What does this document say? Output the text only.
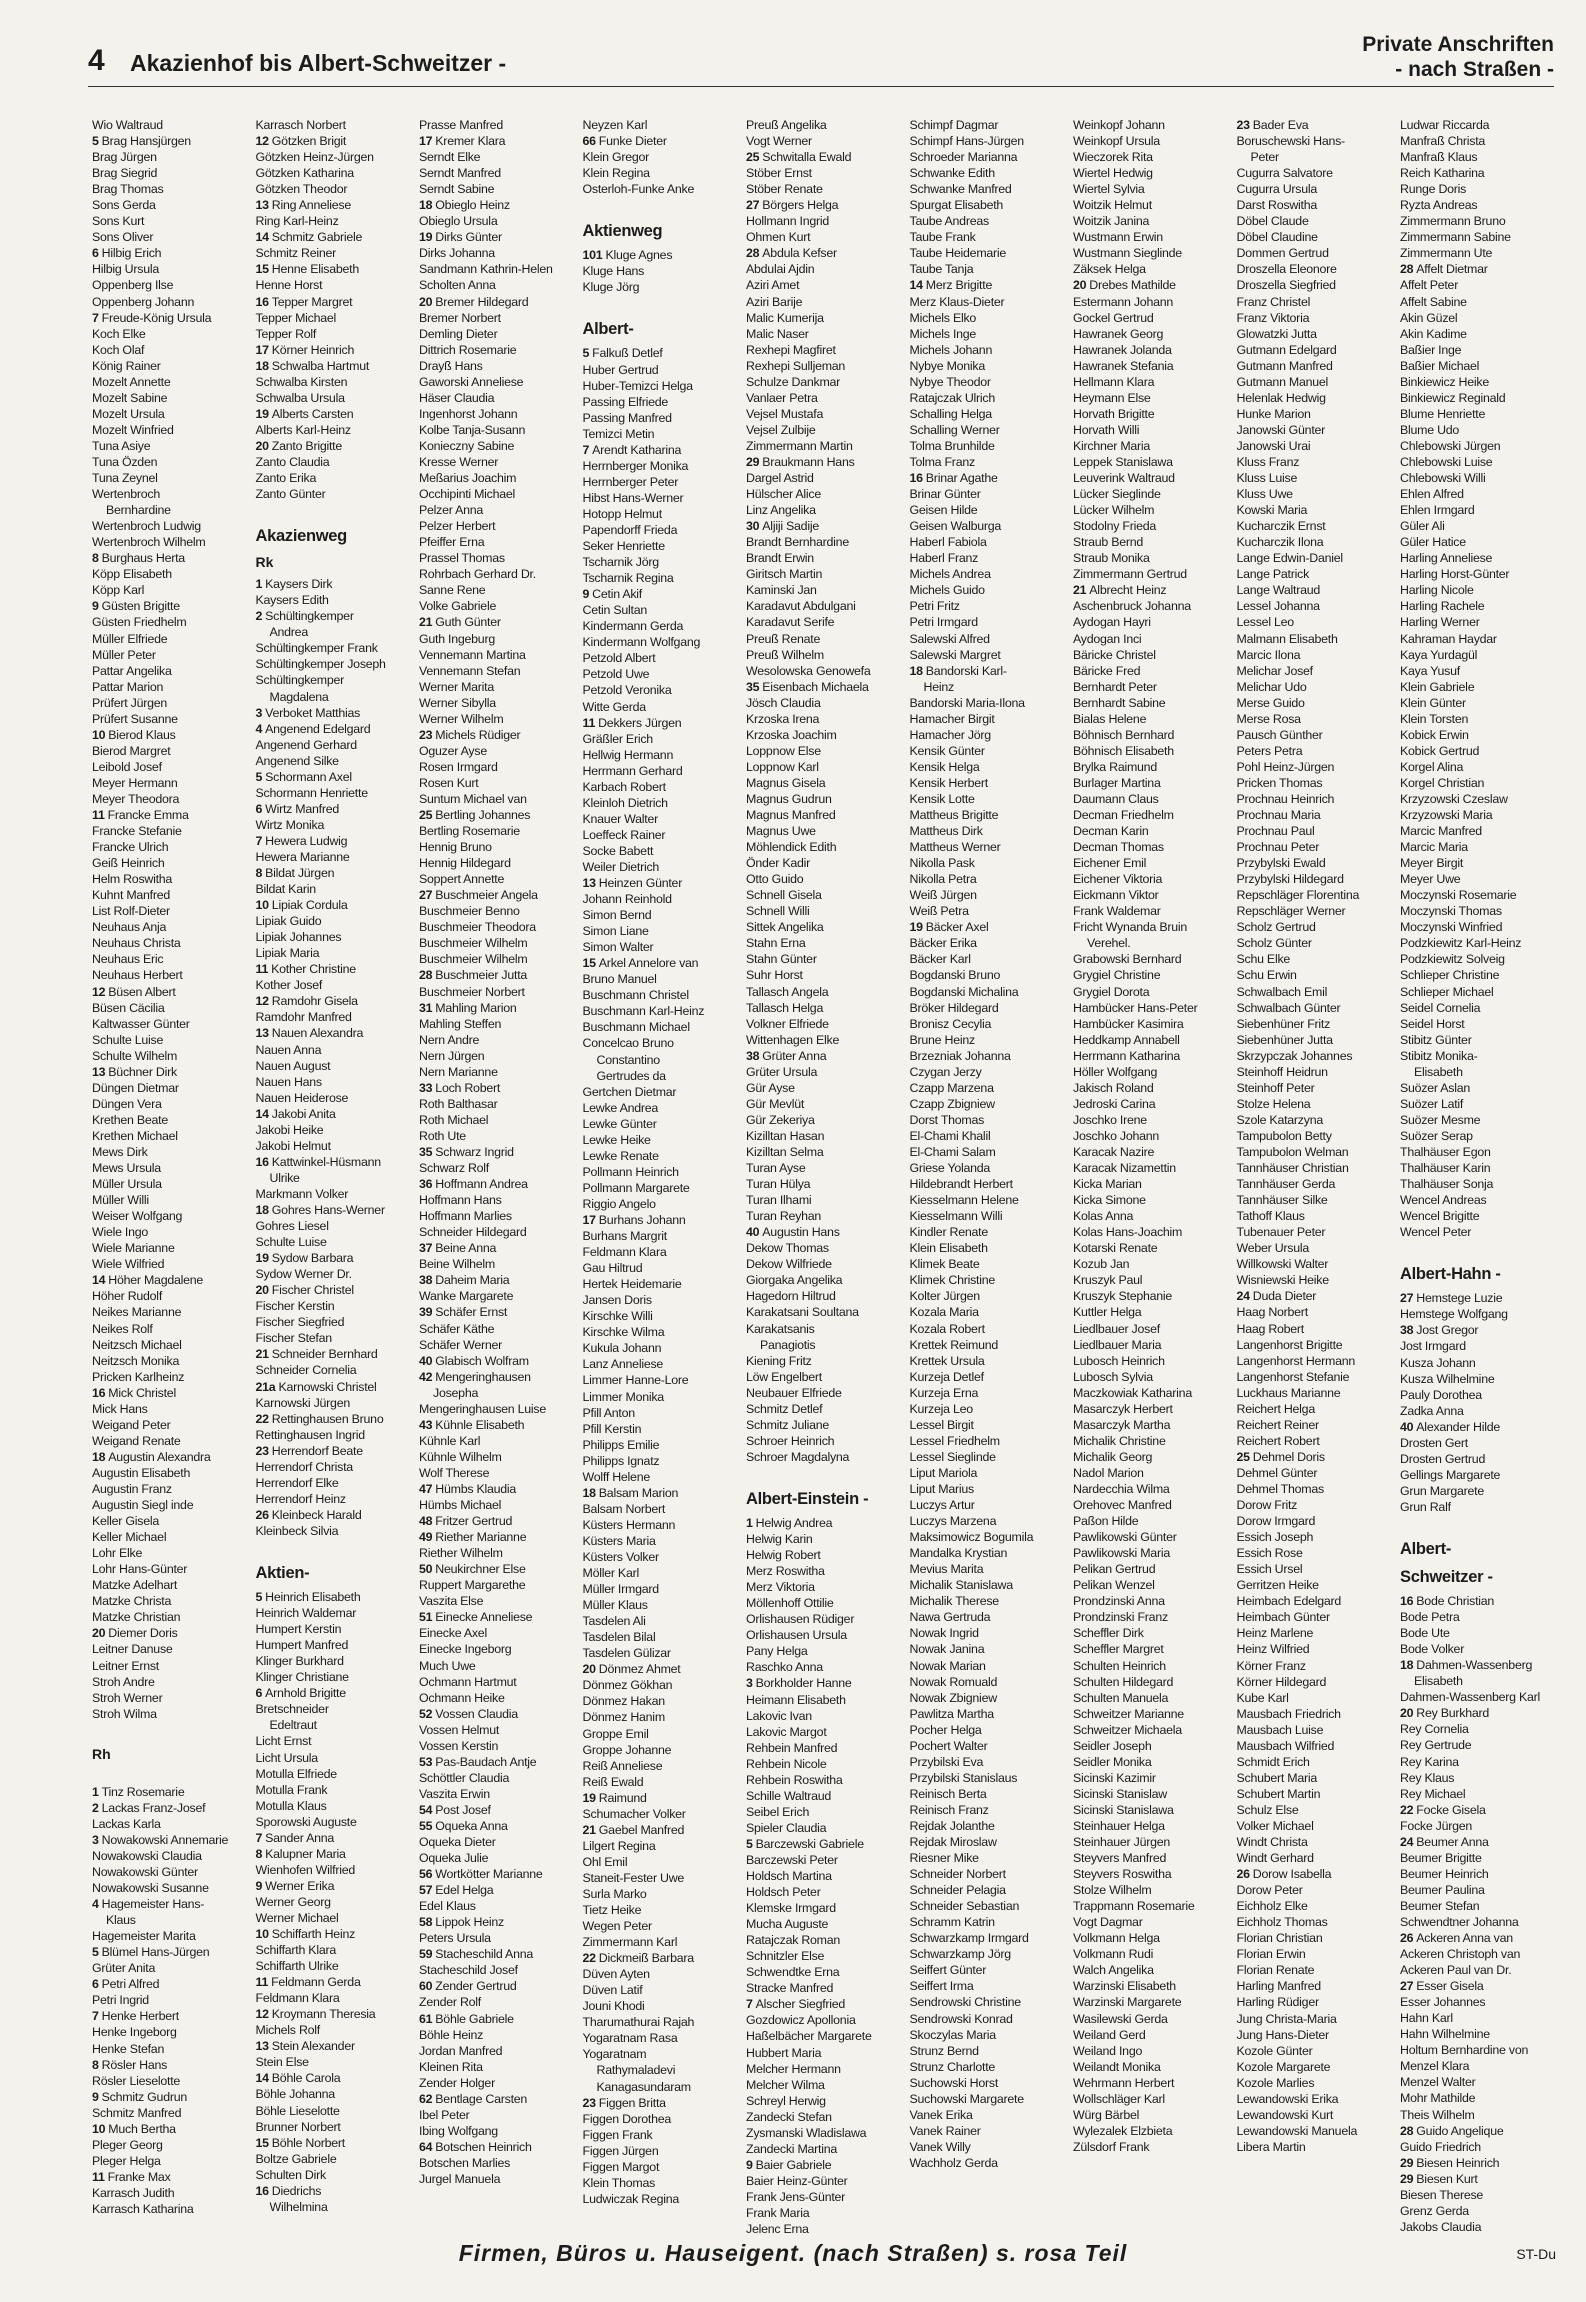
4 Akazienhof bis Albert-Schweitzer -
Private Anschriften
- nach Straßen -
Wio Waltraud
5 Brag Hansjürgen
Brag Jürgen
Brag Siegrid
Brag Thomas
Sons Gerda
Sons Kurt
Sons Oliver
6 Hilbig Erich
Hilbig Ursula
Oppenberg Ilse
Oppenberg Johann
7 Freude-König Ursula
Koch Elke
Koch Olaf
König Rainer
Mozelt Annette
Mozelt Sabine
Mozelt Ursula
Mozelt Winfried
Tuna Asiye
Tuna Özden
Tuna Zeynel
Wertenbroch
Bernhardine
Wertenbroch Ludwig
Wertenbroch Wilhelm
8 Burghaus Herta
Köpp Elisabeth
Köpp Karl
9 Güsten Brigitte
Güsten Friedhelm
Müller Elfriede
Müller Peter
Pattar Angelika
Pattar Marion
Prüfert Jürgen
Prüfert Susanne
10 Bierod Klaus
Bierod Margret
Leibold Josef
Meyer Hermann
Meyer Theodora
11 Francke Emma
Francke Stefanie
Francke Ulrich
Geiß Heinrich
Helm Roswitha
Kuhnt Manfred
List Rolf-Dieter
Neuhaus Anja
Neuhaus Christa
Neuhaus Eric
Neuhaus Herbert
12 Büsen Albert
Büsen Cäcilia
Kaltwasser Günter
Schulte Luise
Schulte Wilhelm
13 Büchner Dirk
Düngen Dietmar
Düngen Vera
Krethen Beate
Krethen Michael
Mews Dirk
Mews Ursula
Müller Ursula
Müller Willi
Weiser Wolfgang
Wiele Ingo
Wiele Marianne
Wiele Wilfried
14 Höher Magdalene
Höher Rudolf
Neikes Marianne
Neikes Rolf
Neitzsch Michael
Neitzsch Monika
Pricken Karlheinz
16 Mick Christel
Mick Hans
Weigand Peter
Weigand Renate
18 Augustin Alexandra
Augustin Elisabeth
Augustin Franz
Augustin Siegl inde
Keller Gisela
Keller Michael
Lohr Elke
Lohr Hans-Günter
Matzke Adelhart
Matzke Christa
Matzke Christian
20 Diemer Doris
Leitner Danuse
Leitner Ernst
Stroh Andre
Stroh Werner
Stroh Wilma

Rh

1 Tinz Rosemarie
2 Lackas Franz-Josef
Lackas Karla
3 Nowakowski Annemarie
Nowakowski Claudia
Nowakowski Günter
Nowakowski Susanne
4 Hagemeister Hans-
Klaus
Hagemeister Marita
5 Blümel Hans-Jürgen
Grüter Anita
6 Petri Alfred
Petri Ingrid
7 Henke Herbert
Henke Ingeborg
Henke Stefan
8 Rösler Hans
Rösler Lieselotte
9 Schmitz Gudrun
Schmitz Manfred
10 Much Bertha
Pleger Georg
Pleger Helga
11 Franke Max
Karrasch Judith
Karrasch Katharina
Karrasch Norbert
12 Götzken Brigit
Götzken Heinz-Jürgen
Götzken Katharina
Götzken Theodor
13 Ring Anneliese
Ring Karl-Heinz
14 Schmitz Gabriele
Schmitz Reiner
15 Henne Elisabeth
Henne Horst
16 Tepper Margret
Tepper Michael
Tepper Rolf
17 Körner Heinrich
18 Schwalba Hartmut
Schwalba Kirsten
Schwalba Ursula
19 Alberts Carsten
Alberts Karl-Heinz
20 Zanto Brigitte
Zanto Claudia
Zanto Erika
Zanto Günter

Akazienweg
Rk
1 Kaysers Dirk
Kaysers Edith
2 Schültingkemper
Andrea
Schültingkemper Frank
Schültingkemper Joseph
Schültingkemper
Magdalena
3 Verboket Matthias
4 Angenend Edelgard
Angenend Gerhard
Angenend Silke
5 Schormann Axel
Schormann Henriette
6 Wirtz Manfred
Wirtz Monika
7 Hewera Ludwig
Hewera Marianne
8 Bildat Jürgen
Bildat Karin
10 Lipiak Cordula
Lipiak Guido
Lipiak Johannes
Lipiak Maria
11 Kother Christine
Kother Josef
12 Ramdohr Gisela
Ramdohr Manfred
13 Nauen Alexandra
Nauen Anna
Nauen August
Nauen Hans
Nauen Heiderose
14 Jakobi Anita
Jakobi Heike
Jakobi Helmut
16 Kattwinkel-Hüsmann
Ulrike
Markmann Volker
18 Gohres Hans-Werner
Gohres Liesel
Schulte Luise
19 Sydow Barbara
Sydow Werner Dr.
20 Fischer Christel
Fischer Kerstin
Fischer Siegfried
Fischer Stefan
21 Schneider Bernhard
Schneider Cornelia
21a Karnowski Christel
Karnowski Jürgen
22 Rettinghausen Bruno
Rettinghausen Ingrid
23 Herrendorf Beate
Herrendorf Christa
Herrendorf Elke
Herrendorf Heinz
26 Kleinbeck Harald
Kleinbeck Silvia

Aktien-
5 Heinrich Elisabeth
Heinrich Waldemar
Humpert Kerstin
Humpert Manfred
Klinger Burkhard
Klinger Christiane
6 Arnhold Brigitte
Bretschneider
Edeltraut
Licht Ernst
Licht Ursula
Motulla Elfriede
Motulla Frank
Motulla Klaus
Sporowski Auguste
7 Sander Anna
8 Kalupner Maria
Wienhofen Wilfried
9 Werner Erika
Werner Georg
Werner Michael
10 Schiffarth Heinz
Schiffarth Klara
Schiffarth Ulrike
11 Feldmann Gerda
Feldmann Klara
12 Kroymann Theresia
Michels Rolf
13 Stein Alexander
Stein Else
14 Böhle Carola
Böhle Johanna
Böhle Lieselotte
Brunner Norbert
15 Böhle Norbert
Boltze Gabriele
Schulten Dirk
16 Diedrichs
Wilhelmina
Prasse Manfred
17 Kremer Klara
Serndt Elke
Serndt Manfred
Serndt Sabine
18 Obieglo Heinz
Obieglo Ursula
19 Dirks Günter
Dirks Johanna
Sandmann Kathrin-Helen
Scholten Anna
20 Bremer Hildegard
Bremer Norbert
Demling Dieter
Dittrich Rosemarie
Drayß Hans
Gaworski Anneliese
Häser Claudia
Ingenhorst Johann
Kolbe Tanja-Susann
Konieczny Sabine
Kresse Werner
Meßarius Joachim
Occhipinti Michael
Pelzer Anna
Pelzer Herbert
Pfeiffer Erna
Prassel Thomas
Rohrbach Gerhard Dr.
Sanne Rene
Volke Gabriele
21 Guth Günter
Guth Ingeburg
Vennemann Martina
Vennemann Stefan
Werner Marita
Werner Sibylla
Werner Wilhelm
23 Michels Rüdiger
Oguzer Ayse
Rosen Irmgard
Rosen Kurt
Suntum Michael van
25 Bertling Johannes
Bertling Rosemarie
Hennig Bruno
Hennig Hildegard
Soppert Annette
27 Buschmeier Angela
Buschmeier Benno
Buschmeier Theodora
Buschmeier Wilhelm
Buschmeier Wilhelm
28 Buschmeier Jutta
Buschmeier Norbert
31 Mahling Marion
Mahling Steffen
Nern Andre
Nern Jürgen
Nern Marianne
33 Loch Robert
Roth Balthasar
Roth Michael
Roth Ute
35 Schwarz Ingrid
Schwarz Rolf
36 Hoffmann Andrea
Hoffmann Hans
Hoffmann Marlies
Schneider Hildegard
37 Beine Anna
Beine Wilhelm
38 Daheim Maria
Wanke Margarete
39 Schäfer Ernst
Schäfer Käthe
Schäfer Werner
40 Glabisch Wolfram
42 Mengeringhausen
Josepha
Mengeringhausen Luise
43 Kühnle Elisabeth
Kühnle Karl
Kühnle Wilhelm
Wolf Therese
47 Hümbs Klaudia
Hümbs Michael
48 Fritzer Gertrud
49 Riether Marianne
Riether Wilhelm
50 Neukirchner Else
Ruppert Margarethe
Vaszita Else
51 Einecke Anneliese
Einecke Axel
Einecke Ingeborg
Much Uwe
Ochmann Hartmut
Ochmann Heike
52 Vossen Claudia
Vossen Helmut
Vossen Kerstin
53 Pas-Baudach Antje
Schöttler Claudia
Vaszita Erwin
54 Post Josef
55 Oqueka Anna
Oqueka Dieter
Oqueka Julie
56 Wortkötter Marianne
57 Edel Helga
Edel Klaus
58 Lippok Heinz
Peters Ursula
59 Stacheschild Anna
Stacheschild Josef
60 Zender Gertrud
Zender Rolf
61 Böhle Gabriele
Böhle Heinz
Jordan Manfred
Kleinen Rita
Zender Holger
62 Bentlage Carsten
Ibel Peter
Ibing Wolfgang
64 Botschen Heinrich
Botschen Marlies
Jurgel Manuela
Neyzen Karl
66 Funke Dieter
Klein Gregor
Klein Regina
Osterloh-Funke Anke

Aktienweg
101 Kluge Agnes
Kluge Hans
Kluge Jörg

Albert-
5 Falkuß Detlef
Huber Gertrud
Huber-Temizci Helga
Passing Elfriede
Passing Manfred
Temizci Metin
7 Arendt Katharina
Herrnberger Monika
Herrnberger Peter
Hibst Hans-Werner
Hotopp Helmut
Papendorff Frieda
Seker Henriette
Tscharnik Jörg
Tscharnik Regina
9 Cetin Akif
Cetin Sultan
Kindermann Gerda
Kindermann Wolfgang
Petzold Albert
Petzold Uwe
Petzold Veronika
Witte Gerda
11 Dekkers Jürgen
Gräßler Erich
Hellwig Hermann
Herrmann Gerhard
Karbach Robert
Kleinloh Dietrich
Knauer Walter
Loeffeck Rainer
Socke Babett
Weiler Dietrich
13 Heinzen Günter
Johann Reinhold
Simon Bernd
Simon Liane
Simon Walter
15 Arkel Annelore van
Bruno Manuel
Buschmann Christel
Buschmann Karl-Heinz
Buschmann Michael
Concelcao Bruno
Constantino
Gertrudes da
Gertchen Dietmar
Lewke Andrea
Lewke Günter
Lewke Heike
Lewke Renate
Pollmann Heinrich
Pollmann Margarete
Riggio Angelo
17 Burhans Johann
Burhans Margrit
Feldmann Klara
Gau Hiltrud
Hertek Heidemarie
Jansen Doris
Kirschke Willi
Kirschke Wilma
Kukula Johann
Lanz Anneliese
Limmer Hanne-Lore
Limmer Monika
Pfill Anton
Pfill Kerstin
Philipps Emilie
Philipps Ignatz
Wolff Helene
18 Balsam Marion
Balsam Norbert
Küsters Hermann
Küsters Maria
Küsters Volker
Möller Karl
Müller Irmgard
Müller Klaus
Tasdelen Ali
Tasdelen Bilal
Tasdelen Gülizar
20 Dönmez Ahmet
Dönmez Gökhan
Dönmez Hakan
Dönmez Hanim
Groppe Emil
Groppe Johanne
Reiß Anneliese
Reiß Ewald
19 Raimund
Schumacher Volker
21 Gaebel Manfred
Lilgert Regina
Ohl Emil
Staneit-Fester Uwe
Surla Marko
Tietz Heike
Wegen Peter
Zimmermann Karl
22 Dickmeiß Barbara
Düven Ayten
Düven Latif
Jouni Khodi
Tharumathurai Rajah
Yogaratnam Rasa
Yogaratnam
Rathymaladevi
Kanagasundaram
23 Figgen Britta
Figgen Dorothea
Figgen Frank
Figgen Jürgen
Figgen Margot
Klein Thomas
Ludwiczak Regina
Preuß Angelika
Vogt Werner
25 Schwitalla Ewald
Stöber Ernst
Stöber Renate
27 Börgers Helga
Hollmann Ingrid
Ohmen Kurt
28 Abdula Kefser
Abdulai Ajdin
Aziri Amet
Aziri Barije
Malic Kumerija
Malic Naser
Rexhepi Magfiret
Rexhepi Sulljeman
Schulze Dankmar
Vanlaer Petra
Vejsel Mustafa
Vejsel Zulbije
Zimmermann Martin
29 Braukmann Hans
Dargel Astrid
Hülscher Alice
Linz Angelika
30 Aljiji Sadije
Brandt Bernhardine
Brandt Erwin
Giritsch Martin
Kaminski Jan
Karadavut Abdulgani
Karadavut Serife
Preuß Renate
Preuß Wilhelm
Wesolowska Genowefa
35 Eisenbach Michaela
Jösch Claudia
Krzoska Irena
Krzoska Joachim
Loppnow Else
Loppnow Karl
Magnus Gisela
Magnus Gudrun
Magnus Manfred
Magnus Uwe
Möhlendick Edith
Önder Kadir
Otto Guido
Schnell Gisela
Schnell Willi
Sittek Angelika
Stahn Erna
Stahn Günter
Suhr Horst
Tallasch Angela
Tallasch Helga
Volkner Elfriede
Wittenhagen Elke
38 Grüter Anna
Grüter Ursula
Gür Ayse
Gür Mevlüt
Gür Zekeriya
Kizilltan Hasan
Kizilltan Selma
Turan Ayse
Turan Hülya
Turan Ilhami
Turan Reyhan
40 Augustin Hans
Dekow Thomas
Dekow Wilfriede
Giorgaka Angelika
Hagedorn Hiltrud
Karakatsani Soultana
Karakatsanis
Panagiotis
Kiening Fritz
Löw Engelbert
Neubauer Elfriede
Schmitz Detlef
Schmitz Juliane
Schroer Heinrich
Schroer Magdalyna

Albert-Einstein -
1 Helwig Andrea
Helwig Karin
Helwig Robert
Merz Roswitha
Merz Viktoria
Möllenhoff Ottilie
Orlishausen Rüdiger
Orlishausen Ursula
Pany Helga
Raschko Anna
3 Borkholder Hanne
Heimann Elisabeth
Lakovic Ivan
Lakovic Margot
Rehbein Manfred
Rehbein Nicole
Rehbein Roswitha
Schille Waltraud
Seibel Erich
Spieler Claudia
5 Barczewski Gabriele
Barczewski Peter
Holdsch Martina
Holdsch Peter
Klemske Irmgard
Mucha Auguste
Ratajczak Roman
Schnitzler Else
Schwendtke Erna
Stracke Manfred
7 Alscher Siegfried
Gozdowicz Apollonia
Haßelbächer Margarete
Hubbert Maria
Melcher Hermann
Melcher Wilma
Schreyl Herwig
Zandecki Stefan
Zysmanski Wladislawa
Zandecki Martina
9 Baier Gabriele
Baier Heinz-Günter
Frank Jens-Günter
Frank Maria
Jelenc Erna
Schimpf Dagmar
Schimpf Hans-Jürgen
Schroeder Marianna
Schwanke Edith
Schwanke Manfred
Spurgat Elisabeth
Taube Andreas
Taube Frank
Taube Heidemarie
Taube Tanja
14 Merz Brigitte
Merz Klaus-Dieter
Michels Elko
Michels Inge
Michels Johann
Nybye Monika
Nybye Theodor
Ratajczak Ulrich
Schalling Helga
Schalling Werner
Tolma Brunhilde
Tolma Franz
16 Brinar Agathe
Brinar Günter
Geisen Hilde
Geisen Walburga
Haberl Fabiola
Haberl Franz
Michels Andrea
Michels Guido
Petri Fritz
Petri Irmgard
Salewski Alfred
Salewski Margret
18 Bandorski Karl-
Heinz
Bandorski Maria-Ilona
Hamacher Birgit
Hamacher Jörg
Kensik Günter
Kensik Helga
Kensik Herbert
Kensik Lotte
Mattheus Brigitte
Mattheus Dirk
Mattheus Werner
Nikolla Pask
Nikolla Petra
Weiß Jürgen
Weiß Petra
19 Bäcker Axel
Bäcker Erika
Bäcker Karl
Bogdanski Bruno
Bogdanski Michalina
Bröker Hildegard
Bronisz Cecylia
Brune Heinz
Brzezniak Johanna
Czygan Jerzy
Czapp Marzena
Czapp Zbigniew
Dorst Thomas
El-Chami Khalil
El-Chami Salam
Griese Yolanda
Hildebrandt Herbert
Kiesselmann Helene
Kiesselmann Willi
Kindler Renate
Klein Elisabeth
Klimek Beate
Klimek Christine
Kolter Jürgen
Kozala Maria
Kozala Robert
Krettek Reimund
Krettek Ursula
Kurzeja Detlef
Kurzeja Erna
Kurzeja Leo
Lessel Birgit
Lessel Friedhelm
Lessel Sieglinde
Liput Mariola
Liput Marius
Luczys Artur
Luczys Marzena
Maksimowicz Bogumila
Mandalka Krystian
Mevius Marita
Michalik Stanislawa
Michalik Therese
Nawa Gertruda
Nowak Ingrid
Nowak Janina
Nowak Marian
Nowak Romuald
Nowak Zbigniew
Pawlitza Martha
Pocher Helga
Pochert Walter
Przybilski Eva
Przybilski Stanislaus
Reinisch Berta
Reinisch Franz
Rejdak Jolanthe
Rejdak Miroslaw
Riesner Mike
Schneider Norbert
Schneider Pelagia
Schneider Sebastian
Schramm Katrin
Schwarzkamp Irmgard
Schwarzkamp Jörg
Seiffert Günter
Seiffert Irma
Sendrowski Christine
Sendrowski Konrad
Skoczylas Maria
Strunz Bernd
Strunz Charlotte
Suchowski Horst
Suchowski Margarete
Vanek Erika
Vanek Rainer
Vanek Willy
Wachholz Gerda
Weinkopf Johann
Weinkopf Ursula
Wieczorek Rita
Wiertel Hedwig
Wiertel Sylvia
Woitzik Helmut
Woitzik Janina
Wustmann Erwin
Wustmann Sieglinde
Zäksek Helga
20 Drebes Mathilde
Estermann Johann
Gockel Gertrud
Hawranek Georg
Hawranek Jolanda
Hawranek Stefania
Hellmann Klara
Heymann Else
Horvath Brigitte
Horvath Willi
Kirchner Maria
Leppek Stanislawa
Leuverink Waltraud
Lücker Sieglinde
Lücker Wilhelm
Stodolny Frieda
Straub Bernd
Straub Monika
Zimmermann Gertrud
21 Albrecht Heinz
Aschenbruck Johanna
Aydogan Hayri
Aydogan Inci
Bäricke Christel
Bäricke Fred
Bernhardt Peter
Bernhardt Sabine
Bialas Helene
Böhnisch Bernhard
Böhnisch Elisabeth
Brylka Raimund
Burlager Martina
Daumann Claus
Decman Friedhelm
Decman Karin
Decman Thomas
Eichener Emil
Eichener Viktoria
Eickmann Viktor
Frank Waldemar
Fricht Wynanda Bruin
Verehel.
Grabowski Bernhard
Grygiel Christine
Grygiel Dorota
Hambücker Hans-Peter
Hambücker Kasimira
Heddkamp Annabell
Herrmann Katharina
Höller Wolfgang
Jakisch Roland
Jedroski Carina
Joschko Irene
Joschko Johann
Karacak Nazire
Karacak Nizamettin
Kicka Marian
Kicka Simone
Kolas Anna
Kolas Hans-Joachim
Kotarski Renate
Kozub Jan
Kruszyk Paul
Kruszyk Stephanie
Kuttler Helga
Liedlbauer Josef
Liedlbauer Maria
Lubosch Heinrich
Lubosch Sylvia
Maczkowiak Katharina
Masarczyk Herbert
Masarczyk Martha
Michalik Christine
Michalik Georg
Nadol Marion
Nardecchia Wilma
Orehovec Manfred
Paßon Hilde
Pawlikowski Günter
Pawlikowski Maria
Pelikan Gertrud
Pelikan Wenzel
Prondzinski Anna
Prondzinski Franz
Scheffler Dirk
Scheffler Margret
Schulten Heinrich
Schulten Hildegard
Schulten Manuela
Schweitzer Marianne
Schweitzer Michaela
Seidler Joseph
Seidler Monika
Sicinski Kazimir
Sicinski Stanislaw
Sicinski Stanislawa
Steinhauer Helga
Steinhauer Jürgen
Steyvers Manfred
Steyvers Roswitha
Stolze Wilhelm
Trappmann Rosemarie
Vogt Dagmar
Volkmann Helga
Volkmann Rudi
Walch Angelika
Warzinski Elisabeth
Warzinski Margarete
Wasilewski Gerda
Weiland Gerd
Weiland Ingo
Weilandt Monika
Wehrmann Herbert
Wollschläger Karl
Würg Bärbel
Wylezalek Elzbieta
Zülsdorf Frank
23 Bader Eva
Boruschewski Hans-
Peter
Cugurra Salvatore
Cugurra Ursula
Darst Roswitha
Döbel Claude
Döbel Claudine
Dommen Gertrud
Droszella Eleonore
Droszella Siegfried
Franz Christel
Franz Viktoria
Glowatzki Jutta
Gutmann Edelgard
Gutmann Manfred
Gutmann Manuel
Helenlak Hedwig
Hunke Marion
Janowski Günter
Janowski Urai
Kluss Franz
Kluss Luise
Kluss Uwe
Kowski Maria
Kucharczik Ernst
Kucharczik Ilona
Lange Edwin-Daniel
Lange Patrick
Lange Waltraud
Lessel Johanna
Lessel Leo
Malmann Elisabeth
Marcic Ilona
Melichar Josef
Melichar Udo
Merse Guido
Merse Rosa
Pausch Günther
Peters Petra
Pohl Heinz-Jürgen
Pricken Thomas
Prochnau Heinrich
Prochnau Maria
Prochnau Paul
Prochnau Peter
Przybylski Ewald
Przybylski Hildegard
Repschläger Florentina
Repschläger Werner
Scholz Gertrud
Scholz Günter
Schu Elke
Schu Erwin
Schwalbach Emil
Schwalbach Günter
Siebenhüner Fritz
Siebenhüner Jutta
Skrzypczak Johannes
Steinhoff Heidrun
Steinhoff Peter
Stolze Helena
Szole Katarzyna
Tampubolon Betty
Tampubolon Welman
Tannhäuser Christian
Tannhäuser Gerda
Tannhäuser Silke
Tathoff Klaus
Tubenauer Peter
Weber Ursula
Willkowski Walter
Wisniewski Heike
24 Duda Dieter
Haag Norbert
Haag Robert
Langenhorst Brigitte
Langenhorst Hermann
Langenhorst Stefanie
Luckhaus Marianne
Reichert Helga
Reichert Reiner
Reichert Robert
25 Dehmel Doris
Dehmel Günter
Dehmel Thomas
Dorow Fritz
Dorow Irmgard
Essich Joseph
Essich Rose
Essich Ursel
Gerritzen Heike
Heimbach Edelgard
Heimbach Günter
Heinz Marlene
Heinz Wilfried
Körner Franz
Körner Hildegard
Kube Karl
Mausbach Friedrich
Mausbach Luise
Mausbach Wilfried
Schmidt Erich
Schubert Maria
Schubert Martin
Schulz Else
Volker Michael
Windt Christa
Windt Gerhard
26 Dorow Isabella
Dorow Peter
Eichholz Elke
Eichholz Thomas
Florian Christian
Florian Erwin
Florian Renate
Harling Manfred
Harling Rüdiger
Jung Christa-Maria
Jung Hans-Dieter
Kozole Günter
Kozole Margarete
Kozole Marlies
Lewandowski Erika
Lewandowski Kurt
Lewandowski Manuela
Libera Martin
Ludwar Riccarda
Manfraß Christa
Manfraß Klaus
Reich Katharina
Runge Doris
Ryzta Andreas
Zimmermann Bruno
Zimmermann Sabine
Zimmermann Ute
28 Affelt Dietmar
Affelt Peter
Affelt Sabine
Akin Güzel
Akin Kadime
Baßier Inge
Baßier Michael
Binkiewicz Heike
Binkiewicz Reginald
Blume Henriette
Blume Udo
Chlebowski Jürgen
Chlebowski Luise
Chlebowski Willi
Ehlen Alfred
Ehlen Irmgard
Güler Ali
Güler Hatice
Harling Anneliese
Harling Horst-Günter
Harling Nicole
Harling Rachele
Harling Werner
Kahraman Haydar
Kaya Yurdagül
Kaya Yusuf
Klein Gabriele
Klein Günter
Klein Torsten
Kobick Erwin
Kobick Gertrud
Korgel Alina
Korgel Christian
Krzyzowski Czeslaw
Krzyzowski Maria
Marcic Manfred
Marcic Maria
Meyer Birgit
Meyer Uwe
Moczynski Rosemarie
Moczynski Thomas
Moczynski Winfried
Podzkiewitz Karl-Heinz
Podzkiewitz Solveig
Schlieper Christine
Schlieper Michael
Seidel Cornelia
Seidel Horst
Stibitz Günter
Stibitz Monika-
Elisabeth
Suözer Aslan
Suözer Latif
Suözer Mesme
Suözer Serap
Thalhäuser Egon
Thalhäuser Karin
Thalhäuser Sonja
Wencel Andreas
Wencel Brigitte
Wencel Peter

Albert-Hahn -
27 Hemstege Luzie
Hemstege Wolfgang
38 Jost Gregor
Jost Irmgard
Kusza Johann
Kusza Wilhelmine
Pauly Dorothea
Zadka Anna
40 Alexander Hilde
Drosten Gert
Drosten Gertrud
Gellings Margarete
Grun Margarete
Grun Ralf

Albert-
Schweitzer -
16 Bode Christian
Bode Petra
Bode Ute
Bode Volker
18 Dahmen-Wassenberg
Elisabeth
Dahmen-Wassenberg Karl
20 Rey Burkhard
Rey Cornelia
Rey Gertrude
Rey Karina
Rey Klaus
Rey Michael
22 Focke Gisela
Focke Jürgen
24 Beumer Anna
Beumer Brigitte
Beumer Heinrich
Beumer Paulina
Beumer Stefan
Schwendtner Johanna
26 Ackeren Anna van
Ackeren Christoph van
Ackeren Paul van Dr.
27 Esser Gisela
Esser Johannes
Hahn Karl
Hahn Wilhelmine
Holtum Bernhardine von
Menzel Klara
Menzel Walter
Mohr Mathilde
Theis Wilhelm
28 Guido Angelique
Guido Friedrich
29 Biesen Heinrich
29 Biesen Kurt
Biesen Therese
Grenz Gerda
Jakobs Claudia
Firmen, Büros u. Hauseigent. (nach Straßen) s. rosa Teil	ST-Du
